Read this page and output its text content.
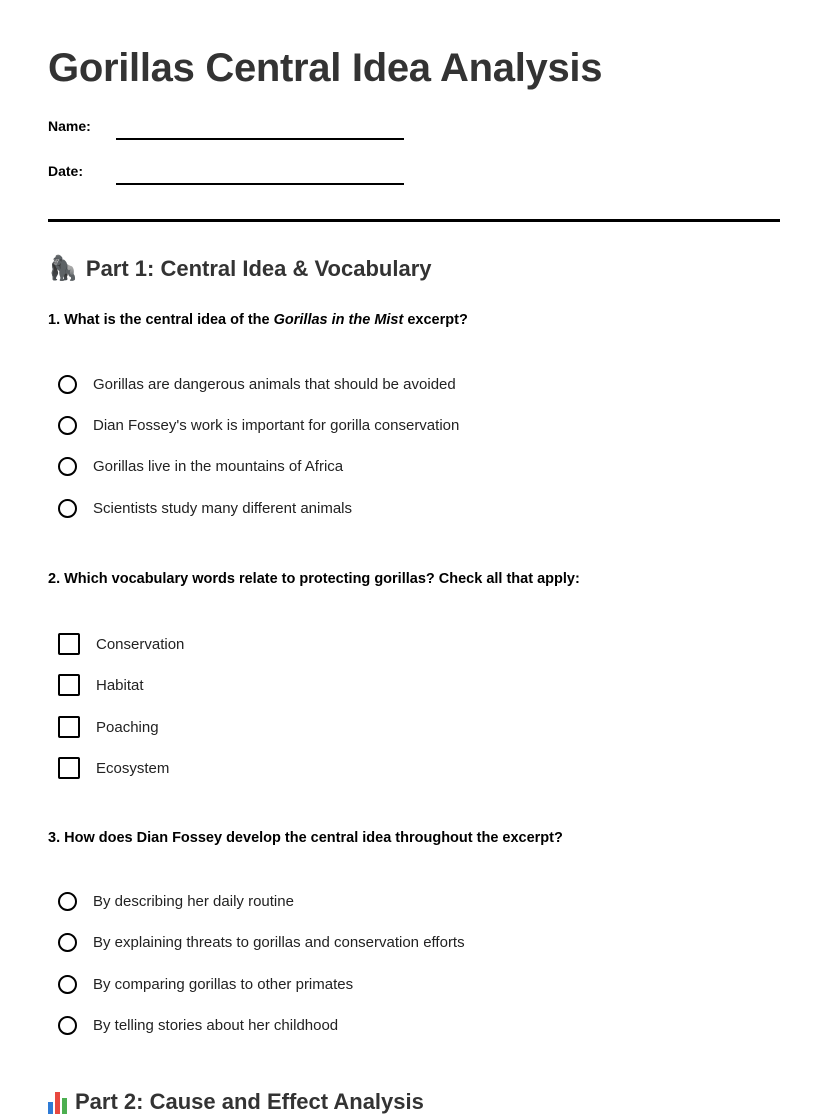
Gorillas Central Idea Analysis
Name:
Date:
🦍 Part 1: Central Idea & Vocabulary

1. What is the central idea of the Gorillas in the Mist excerpt?

Gorillas are dangerous animals that should be avoided
Dian Fossey's work is important for gorilla conservation
Gorillas live in the mountains of Africa
Scientists study many different animals

2. Which vocabulary words relate to protecting gorillas? Check all that apply:

Conservation
Habitat
Poaching
Ecosystem

3. How does Dian Fossey develop the central idea throughout the excerpt?

By describing her daily routine
By explaining threats to gorillas and conservation efforts
By comparing gorillas to other primates
By telling stories about her childhood
Part 2: Cause and Effect Analysis
